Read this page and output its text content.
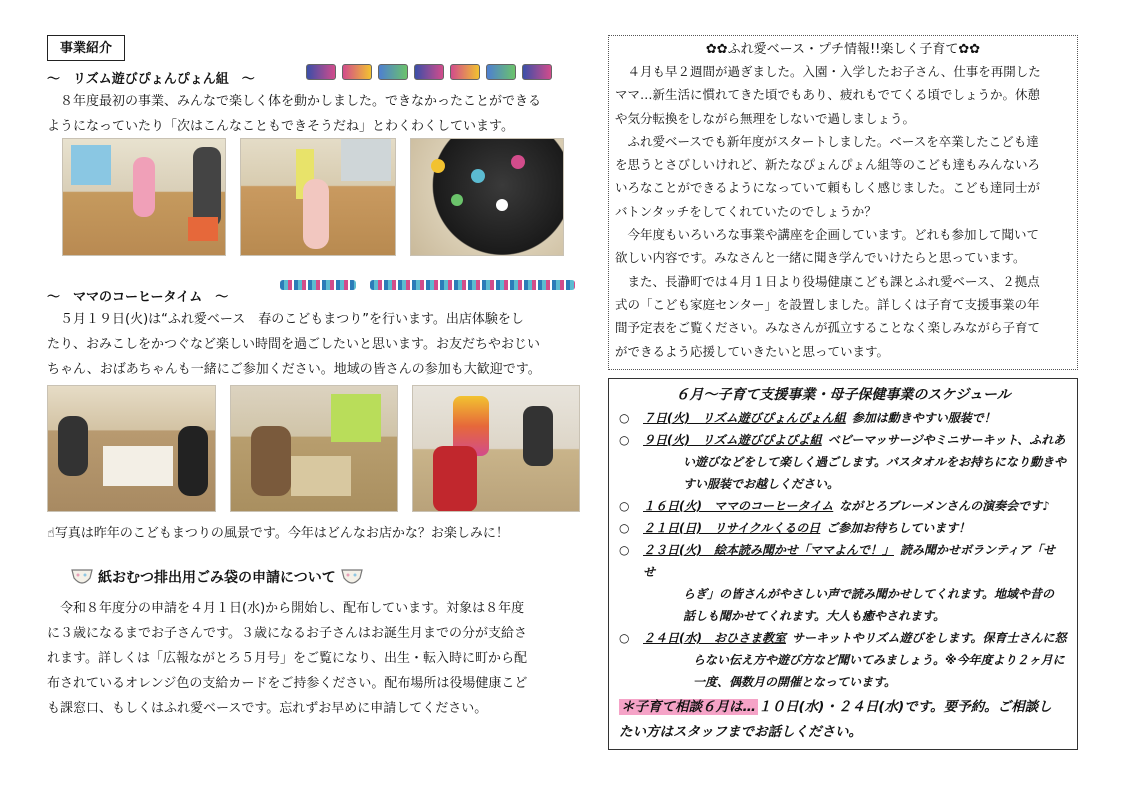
事業紹介
～　リズム遊びぴょんぴょん組　～
　８年度最初の事業、みんなで楽しく体を動かしました。できなかったことができる
ようになっていたり「次はこんなこともできそうだね」とわくわくしています。
～　ママのコーヒータイム　～
　５月１９日(火)は“ふれ愛ベース　春のこどもまつり”を行います。出店体験をし
たり、おみこしをかつぐなど楽しい時間を過ごしたいと思います。お友だちやおじい
ちゃん、おばあちゃんも一緒にご参加ください。地域の皆さんの参加も大歓迎です。
☝写真は昨年のこどもまつりの風景です。今年はどんなお店かな？お楽しみに！
紙おむつ排出用ごみ袋の申請について
　令和８年度分の申請を４月１日(水)から開始し、配布しています。対象は８年度
に３歳になるまでお子さんです。３歳になるお子さんはお誕生月までの分が支給さ
れます。詳しくは「広報ながとろ５月号」をご覧になり、出生・転入時に町から配
布されているオレンジ色の支給カードをご持参ください。配布場所は役場健康こど
も課窓口、もしくはふれ愛ベースです。忘れずお早めに申請してください。
✿✿ふれ愛ベース・プチ情報!!楽しく子育て✿✿
　４月も早２週間が過ぎました。入園・入学したお子さん、仕事を再開した
ママ…新生活に慣れてきた頃でもあり、疲れもでてくる頃でしょうか。休憩
や気分転換をしながら無理をしないで過しましょう。
　ふれ愛ベースでも新年度がスタートしました。ベースを卒業したこども達
を思うとさびしいけれど、新たなぴょんぴょん組等のこども達もみんないろ
いろなことができるようになっていて頼もしく感じました。こども達同士が
バトンタッチをしてくれていたのでしょうか？
　今年度もいろいろな事業や講座を企画しています。どれも参加して聞いて
欲しい内容です。みなさんと一緒に聞き学んでいけたらと思っています。
　また、長瀞町では４月１日より役場健康こども課とふれ愛ベース、２拠点
式の「こども家庭センター」を設置しました。詳しくは子育て支援事業の年
間予定表をご覧ください。みなさんが孤立することなく楽しみながら子育て
ができるよう応援していきたいと思っています。
６月～子育て支援事業・母子保健事業のスケジュール
○	７日(火)　リズム遊びぴょんぴょん組 参加は動きやすい服装で！
○	９日(火)　リズム遊びぴよぴよ組 ベビーマッサージやミニサーキット、ふれあ
い遊びなどをして楽しく過ごします。バスタオルをお持ちになり動きや
すい服装でお越しください。
○	１６日(火)　ママのコーヒータイム ながとろブレーメンさんの演奏会です♪
○	２１日(日)　リサイクルくるの日 ご参加お待ちしています！
○	２３日(火)　絵本読み聞かせ「ママよんで！」 読み聞かせボランティア「せせ
らぎ」の皆さんがやさしい声で読み聞かせしてくれます。地域や昔の
話しも聞かせてくれます。大人も癒やされます。
○	２４日(水)　おひさま教室 サーキットやリズム遊びをします。保育士さんに怒
らない伝え方や遊び方など聞いてみましょう。※今年度より２ヶ月に
一度、偶数月の開催となっています。
＊子育て相談６月は… １０日(水)・２４日(水)です。要予約。ご相談し
たい方はスタッフまでお話しください。
